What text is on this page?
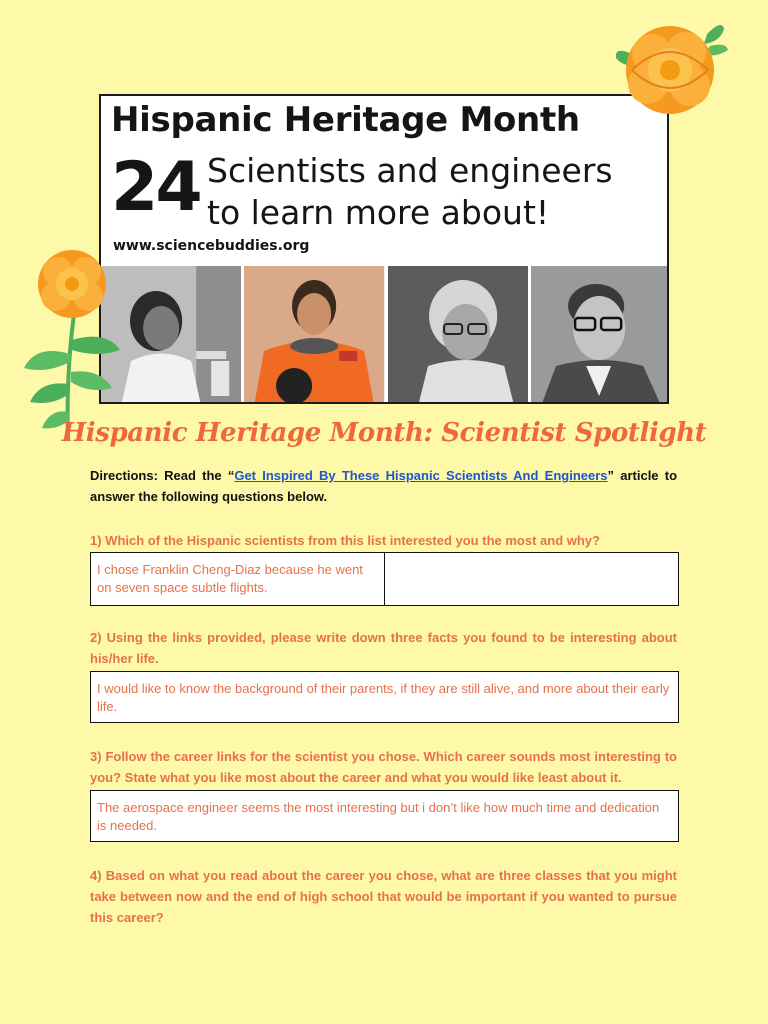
Hispanic Heritage Month
24 Scientists and engineers
to learn more about!
www.sciencebuddies.org
Hispanic Heritage Month: Scientist Spotlight
Directions: Read the “Get Inspired By These Hispanic Scientists And Engineers” article to answer the following questions below.
1) Which of the Hispanic scientists from this list interested you the most and why?
I chose Franklin Cheng-Diaz because he went on seven space subtle flights.
2) Using the links provided, please write down three facts you found to be interesting about his/her life.
I would like to know the background of their parents, if they are still alive, and more about their early life.
3) Follow the career links for the scientist you chose. Which career sounds most interesting to you? State what you like most about the career and what you would like least about it.
The aerospace engineer seems the most interesting but i don’t like how much time and dedication is needed.
4) Based on what you read about the career you chose, what are three classes that you might take between now and the end of high school that would be important if you wanted to pursue this career?
